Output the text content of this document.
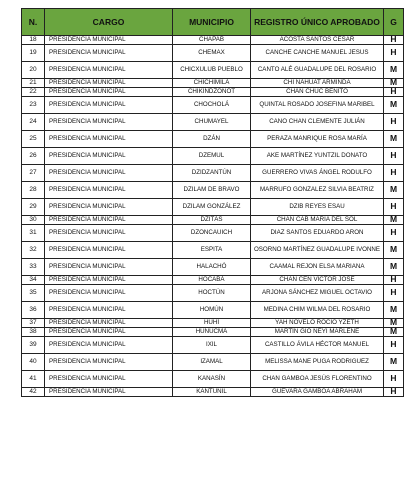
N.	CARGO	MUNICIPIO	REGISTRO ÚNICO APROBADO	G
18	PRESIDENCIA MUNICIPAL	CHAPAB	ACOSTA SANTOS CESAR	H
19	PRESIDENCIA MUNICIPAL	CHEMAX	CANCHE CANCHE MANUEL JESUS	H
20	PRESIDENCIA MUNICIPAL	CHICXULUB PUEBLO	CANTO ALÉ GUADALUPE DEL ROSARIO	M
21	PRESIDENCIA MUNICIPAL	CHICHIMILÁ	CHI NÁHUAT ARMINDA	M
22	PRESIDENCIA MUNICIPAL	CHIKINDZONOT	CHAN CHUC BENITO	H
23	PRESIDENCIA MUNICIPAL	CHOCHOLÁ	QUINTAL ROSADO JOSEFINA MARIBEL	M
24	PRESIDENCIA MUNICIPAL	CHUMAYEL	CANO CHAN CLEMENTE JULIÁN	H
25	PRESIDENCIA MUNICIPAL	DZÁN	PERAZA MANRIQUE ROSA MARÍA	M
26	PRESIDENCIA MUNICIPAL	DZEMUL	AKE MARTÍNEZ YUNTZIL DONATO	H
27	PRESIDENCIA MUNICIPAL	DZIDZANTÚN	GUERRERO VIVAS ÁNGEL RODULFO	H
28	PRESIDENCIA MUNICIPAL	DZILAM DE BRAVO	MARRUFO GONZALEZ SILVIA BEATRIZ	M
29	PRESIDENCIA MUNICIPAL	DZILAM GONZÁLEZ	DZIB REYES ESAU	H
30	PRESIDENCIA MUNICIPAL	DZITÁS	CHAN CAB MARIA DEL SOL	M
31	PRESIDENCIA MUNICIPAL	DZONCAUICH	DIAZ SANTOS EDUARDO ARON	H
32	PRESIDENCIA MUNICIPAL	ESPITA	OSORNO MARTÍNEZ GUADALUPE IVONNE	M
33	PRESIDENCIA MUNICIPAL	HALACHÓ	CAAMAL REJON ELSA MARIANA	M
34	PRESIDENCIA MUNICIPAL	HOCABÁ	CHAN CEN VICTOR JOSE	H
35	PRESIDENCIA MUNICIPAL	HOCTÚN	ARJONA SÁNCHEZ MIGUEL OCTAVIO	H
36	PRESIDENCIA MUNICIPAL	HOMÚN	MEDINA CHIM WILMA DEL ROSARIO	M
37	PRESIDENCIA MUNICIPAL	HUHÍ	YAH NOVELO ROCIO YZETH	M
38	PRESIDENCIA MUNICIPAL	HUNUCMÁ	MARTÍN GIO NEYI MARLENE	M
39	PRESIDENCIA MUNICIPAL	IXIL	CASTILLO ÁVILA HÉCTOR MANUEL	H
40	PRESIDENCIA MUNICIPAL	IZAMAL	MELISSA MANE PUGA RODRIGUEZ	M
41	PRESIDENCIA MUNICIPAL	KANASÍN	CHAN GAMBOA JESÚS FLORENTINO	H
42	PRESIDENCIA MUNICIPAL	KANTUNIL	GUEVARA GAMBOA ABRAHAM	H
